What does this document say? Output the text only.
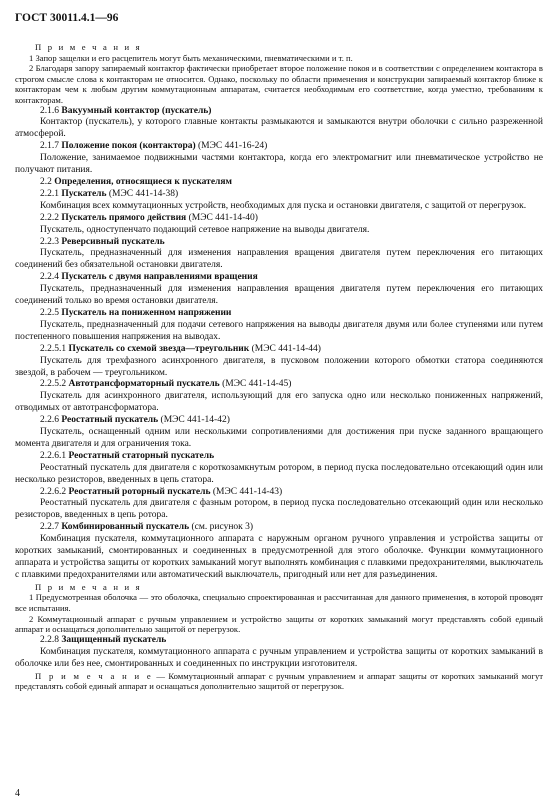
ГОСТ 30011.4.1—96

П р и м е ч а н и я

1 Запор защелки и его расцепитель могут быть механическими, пневматическими и т. п.

2 Благодаря запору запираемый контактор фактически приобретает второе положение покоя и в соответствии с определением контактора в строгом смысле слова к контакторам не относится. Однако, поскольку по области применения и конструкции запираемый контактор ближе к контакторам чем к любым другим коммутационным аппаратам, считается необходимым его соответствие, когда уместно, требованиям к контакторам.

2.1.6 Вакуумный контактор (пускатель)

Контактор (пускатель), у которого главные контакты размыкаются и замыкаются внутри оболочки с сильно разреженной атмосферой.

2.1.7 Положение покоя (контактора) (МЭС 441-16-24)

Положение, занимаемое подвижными частями контактора, когда его электромагнит или пневматическое устройство не получают питания.

2.2 Определения, относящиеся к пускателям

2.2.1 Пускатель (МЭС 441-14-38)

Комбинация всех коммутационных устройств, необходимых для пуска и остановки двигателя, с защитой от перегрузок.

2.2.2 Пускатель прямого действия (МЭС 441-14-40)

Пускатель, одноступенчато подающий сетевое напряжение на выводы двигателя.

2.2.3 Реверсивный пускатель

Пускатель, предназначенный для изменения направления вращения двигателя путем переключения его питающих соединений без обязательной остановки двигателя.

2.2.4 Пускатель с двумя направлениями вращения

Пускатель, предназначенный для изменения направления вращения двигателя путем переключения его питающих соединений только во время остановки двигателя.

2.2.5 Пускатель на пониженном напряжении

Пускатель, предназначенный для подачи сетевого напряжения на выводы двигателя двумя или более ступенями или путем постепенного повышения напряжения на выводах.

2.2.5.1 Пускатель со схемой звезда—треугольник (МЭС 441-14-44)

Пускатель для трехфазного асинхронного двигателя, в пусковом положении которого обмотки статора соединяются звездой, в рабочем — треугольником.

2.2.5.2 Автотрансформаторный пускатель (МЭС 441-14-45)

Пускатель для асинхронного двигателя, использующий для его запуска одно или несколько пониженных напряжений, отводимых от автотрансформатора.

2.2.6 Реостатный пускатель (МЭС 441-14-42)

Пускатель, оснащенный одним или несколькими сопротивлениями для достижения при пуске заданного вращающего момента двигателя и для ограничения тока.

2.2.6.1 Реостатный статорный пускатель

Реостатный пускатель для двигателя с короткозамкнутым ротором, в период пуска последовательно отсекающий один или несколько резисторов, введенных в цепь статора.

2.2.6.2 Реостатный роторный пускатель (МЭС 441-14-43)

Реостатный пускатель для двигателя с фазным ротором, в период пуска последовательно отсекающий один или несколько резисторов, введенных в цепь ротора.

2.2.7 Комбинированный пускатель (см. рисунок 3)

Комбинация пускателя, коммутационного аппарата с наружным органом ручного управления и устройства защиты от коротких замыканий, смонтированных и соединенных в предусмотренной для этого оболочке. Функции коммутационного аппарата и устройства защиты от коротких замыканий могут выполнять комбинация с плавкими предохранителями, выключатель с плавкими предохранителями или автоматический выключатель, пригодный или нет для разъединения.

П р и м е ч а н и я

1 Предусмотренная оболочка — это оболочка, специально спроектированная и рассчитанная для данного применения, в которой проводят все испытания.

2 Коммутационный аппарат с ручным управлением и устройство защиты от коротких замыканий могут представлять собой единый аппарат и оснащаться дополнительно защитой от перегрузок.

2.2.8 Защищенный пускатель

Комбинация пускателя, коммутационного аппарата с ручным управлением и устройства защиты от коротких замыканий в оболочке или без нее, смонтированных и соединенных по инструкции изготовителя.

П р и м е ч а н и е — Коммутационный аппарат с ручным управлением и аппарат защиты от коротких замыканий могут представлять собой единый аппарат и оснащаться дополнительно защитой от перегрузок.

4
